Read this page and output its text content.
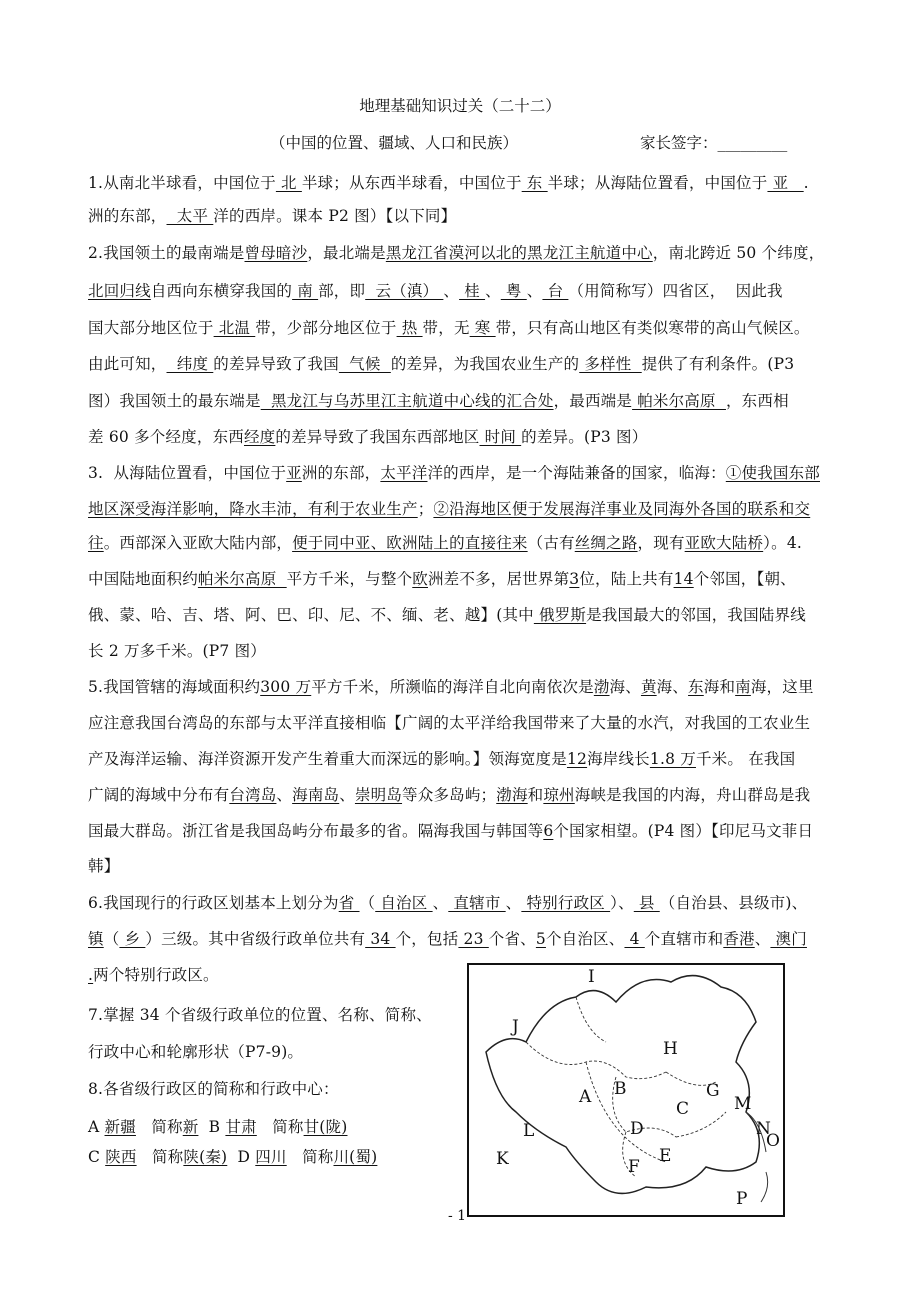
地理基础知识过关（二十二）
（中国的位置、疆域、人口和民族）	家长签字：_________
1.从南北半球看，中国位于 北 半球；从东西半球看，中国位于 东 半球；从海陆位置看，中国位于 亚   .
洲的东部，  太平 洋的西岸。课本 P2 图）【以下同】
2.我国领土的最南端是曾母暗沙，最北端是黑龙江省漠河以北的黑龙江主航道中心，南北跨近 50 个纬度，
北回归线自西向东横穿我国的 南 部，即  云（滇） 、 桂 、 粤 、 台 （用简称写）四省区，  因此我
国大部分地区位于 北温 带，少部分地区位于 热 带，无 寒 带，只有高山地区有类似寒带的高山气候区。
由此可知，  纬度 的差异导致了我国  气候  的差异，为我国农业生产的 多样性  提供了有利条件。(P3
图）我国领土的最东端是  黑龙江与乌苏里江主航道中心线的汇合处，最西端是 帕米尔高原  ，东西相
差 60 多个经度，东西经度的差异导致了我国东西部地区 时间 的差异。(P3 图）
3.  从海陆位置看，中国位于亚洲的东部，太平洋洋的西岸，是一个海陆兼备的国家，临海：①使我国东部
地区深受海洋影响，降水丰沛，有利于农业生产；②沿海地区便于发展海洋事业及同海外各国的联系和交
往。西部深入亚欧大陆内部，便于同中亚、欧洲陆上的直接往来（古有丝绸之路，现有亚欧大陆桥）。4.
中国陆地面积约帕米尔高原  平方千米，与整个欧洲差不多，居世界第3位，陆上共有14个邻国，【朝、
俄、蒙、哈、吉、塔、阿、巴、印、尼、不、缅、老、越】(其中 俄罗斯是我国最大的邻国，我国陆界线
长 2 万多千米。(P7 图）
5.我国管辖的海域面积约300 万平方千米，所濒临的海洋自北向南依次是渤海、黄海、东海和南海，这里
应注意我国台湾岛的东部与太平洋直接相临【广阔的太平洋给我国带来了大量的水汽，对我国的工农业生
产及海洋运输、海洋资源开发产生着重大而深远的影响。】领海宽度是12海岸线长1.8 万千米。 在我国
广阔的海域中分布有台湾岛、海南岛、崇明岛等众多岛屿；渤海和琼州海峡是我国的内海，舟山群岛是我
国最大群岛。浙江省是我国岛屿分布最多的省。隔海我国与韩国等6个国家相望。(P4 图）【印尼马文菲日
韩】
6.我国现行的行政区划基本上划分为省 （ 自治区 、 直辖市 、 特别行政区 ）、 县 （自治县、县级市)、
镇（ 乡 ）三级。其中省级行政单位共有 34 个，包括 23 个省、5个自治区、 4 个直辖市和香港、 澳门
.两个特别行政区。
7.掌握 34 个省级行政单位的位置、名称、简称、
行政中心和轮廓形状（P7-9)。
8.各省级行政区的简称和行政中心：
A 新疆   简称新  B 甘肃   简称甘(陇)
C 陕西   简称陕(秦)  D 四川   简称川(蜀)
I
J
H
A B	G
M
N
L
C
D
O
K	F
E
P
- 1
